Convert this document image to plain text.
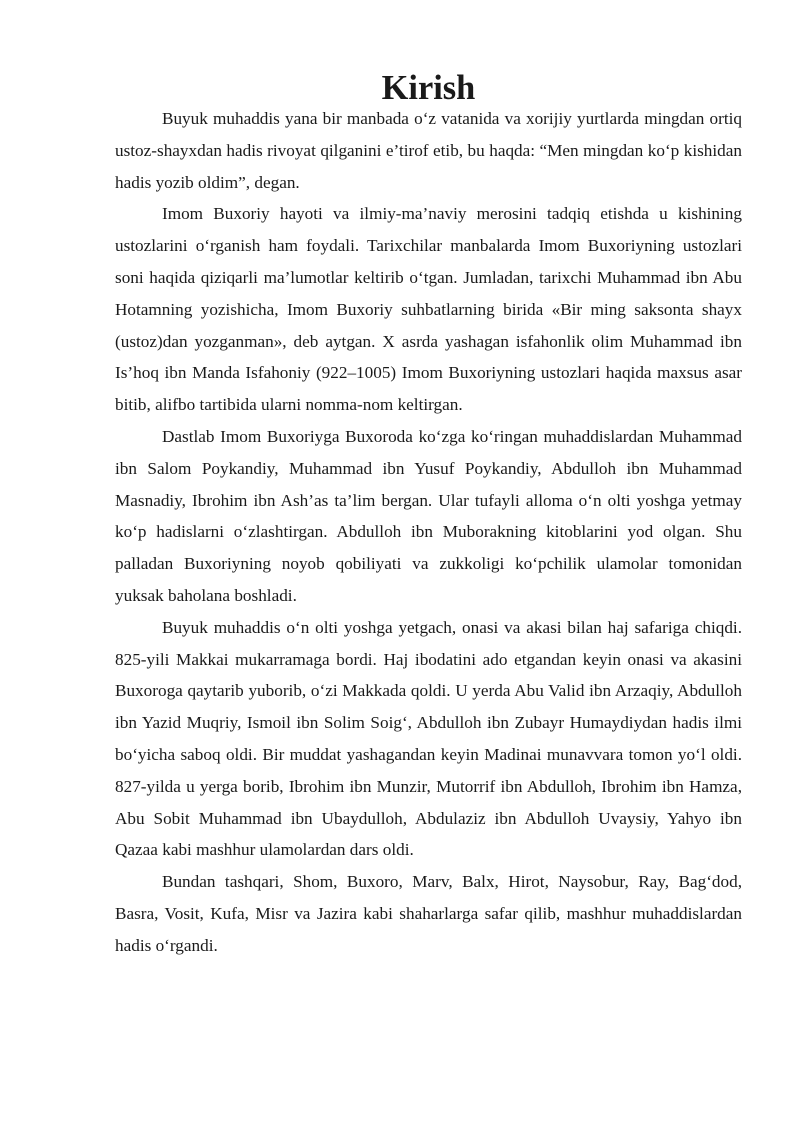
Kirish

Buyuk muhaddis yana bir manbada o‘z vatanida va xorijiy yurtlarda mingdan ortiq ustoz-shayxdan hadis rivoyat qilganini e’tirof etib, bu haqda: “Men mingdan ko‘p kishidan hadis yozib oldim”, degan.

Imom Buxoriy hayoti va ilmiy-ma’naviy merosini tadqiq etishda u kishining ustozlarini o‘rganish ham foydali. Tarixchilar manbalarda Imom Buxoriyning ustozlari soni haqida qiziqarli ma’lumotlar keltirib o‘tgan. Jumladan, tarixchi Muhammad ibn Abu Hotamning yozishicha, Imom Buxoriy suhbatlarning birida «Bir ming saksonta shayx (ustoz)dan yozganman», deb aytgan. X asrda yashagan isfahonlik olim Muhammad ibn Is’hoq ibn Manda Isfahoniy (922–1005) Imom Buxoriyning ustozlari haqida maxsus asar bitib, alifbo tartibida ularni nomma-nom keltirgan.

Dastlab Imom Buxoriyga Buxoroda ko‘zga ko‘ringan muhaddislardan Muhammad ibn Salom Poykandiy, Muhammad ibn Yusuf Poykandiy, Abdulloh ibn Muhammad Masnadiy, Ibrohim ibn Ash’as ta’lim bergan. Ular tufayli alloma o‘n olti yoshga yetmay ko‘p hadislarni o‘zlashtirgan. Abdulloh ibn Muborakning kitoblarini yod olgan. Shu palladan Buxoriyning noyob qobiliyati va zukkoligi ko‘pchilik ulamolar tomonidan yuksak baholana boshladi.

Buyuk muhaddis o‘n olti yoshga yetgach, onasi va akasi bilan haj safariga chiqdi. 825-yili Makkai mukarramaga bordi. Haj ibodatini ado etgandan keyin onasi va akasini Buxoroga qaytarib yuborib, o‘zi Makkada qoldi. U yerda Abu Valid ibn Arzaqiy, Abdulloh ibn Yazid Muqriy, Ismoil ibn Solim Soig‘, Abdulloh ibn Zubayr Humaydiydan hadis ilmi bo‘yicha saboq oldi. Bir muddat yashagandan keyin Madinai munavvara tomon yo‘l oldi. 827-yilda u yerga borib, Ibrohim ibn Munzir, Mutorrif ibn Abdulloh, Ibrohim ibn Hamza, Abu Sobit Muhammad ibn Ubaydulloh, Abdulaziz ibn Abdulloh Uvaysiy, Yahyo ibn Qazaa kabi mashhur ulamolardan dars oldi.

Bundan tashqari, Shom, Buxoro, Marv, Balx, Hirot, Naysobur, Ray, Bag‘dod, Basra, Vosit, Kufa, Misr va Jazira kabi shaharlarga safar qilib, mashhur muhaddislardan hadis o‘rgandi.
